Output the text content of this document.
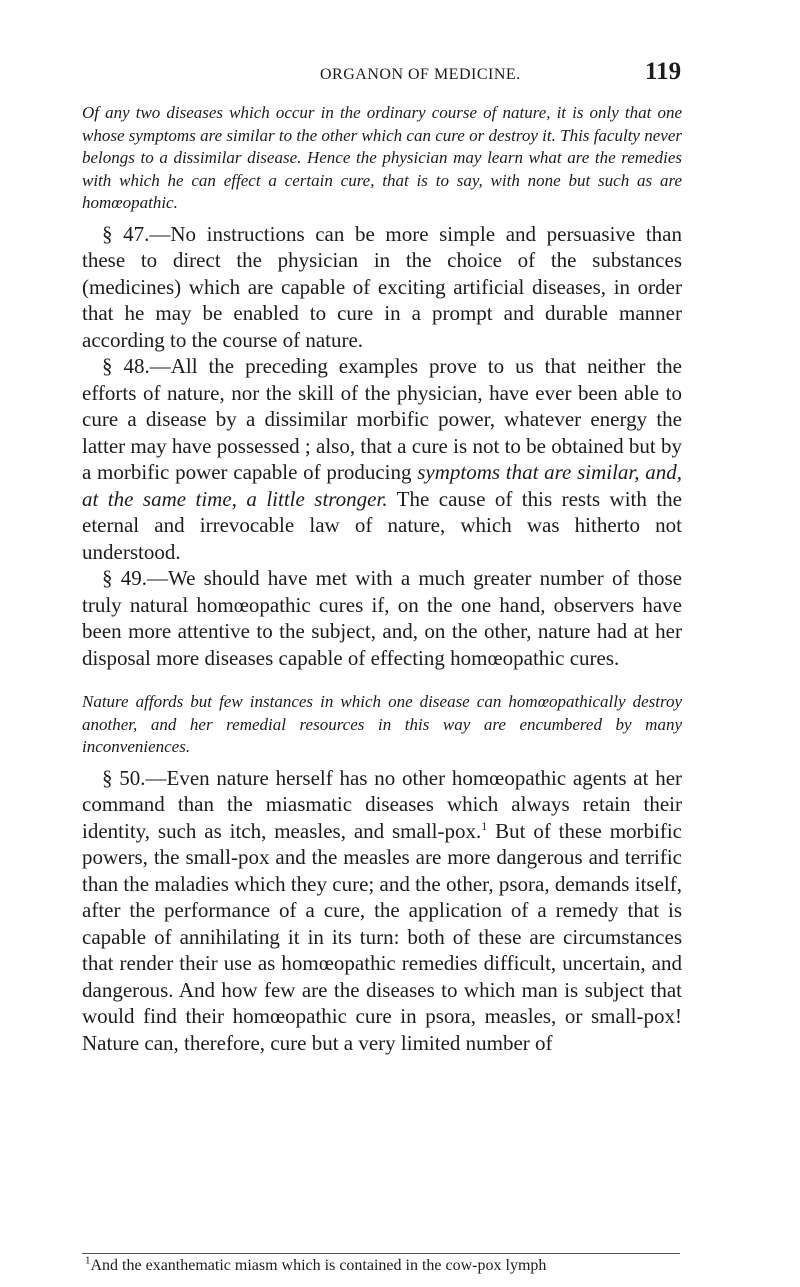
ORGANON OF MEDICINE.	119

Of any two diseases which occur in the ordinary course of nature, it is only that one whose symptoms are similar to the other which can cure or destroy it. This faculty never belongs to a dissimilar disease. Hence the physician may learn what are the remedies with which he can effect a certain cure, that is to say, with none but such as are homœopathic.

§ 47.—No instructions can be more simple and persuasive than these to direct the physician in the choice of the substances (medicines) which are capable of exciting artificial diseases, in order that he may be enabled to cure in a prompt and durable manner according to the course of nature.

§ 48.—All the preceding examples prove to us that neither the efforts of nature, nor the skill of the physician, have ever been able to cure a disease by a dissimilar morbific power, whatever energy the latter may have possessed ; also, that a cure is not to be obtained but by a morbific power capable of producing symptoms that are similar, and, at the same time, a little stronger. The cause of this rests with the eternal and irrevocable law of nature, which was hitherto not understood.

§ 49.—We should have met with a much greater number of those truly natural homœopathic cures if, on the one hand, observers have been more attentive to the subject, and, on the other, nature had at her disposal more diseases capable of effecting homœopathic cures.

Nature affords but few instances in which one disease can homœopathically destroy another, and her remedial resources in this way are encumbered by many inconveniences.

§ 50.—Even nature herself has no other homœopathic agents at her command than the miasmatic diseases which always retain their identity, such as itch, measles, and small-pox.$^1$ But of these morbific powers, the small-pox and the measles are more dangerous and terrific than the maladies which they cure; and the other, psora, demands itself, after the performance of a cure, the application of a remedy that is capable of annihilating it in its turn: both of these are circumstances that render their use as homœopathic remedies difficult, uncertain, and dangerous. And how few are the diseases to which man is subject that would find their homœopathic cure in psora, measles, or small-pox! Nature can, therefore, cure but a very limited number of

$^1$And the exanthematic miasm which is contained in the cow-pox lymph
